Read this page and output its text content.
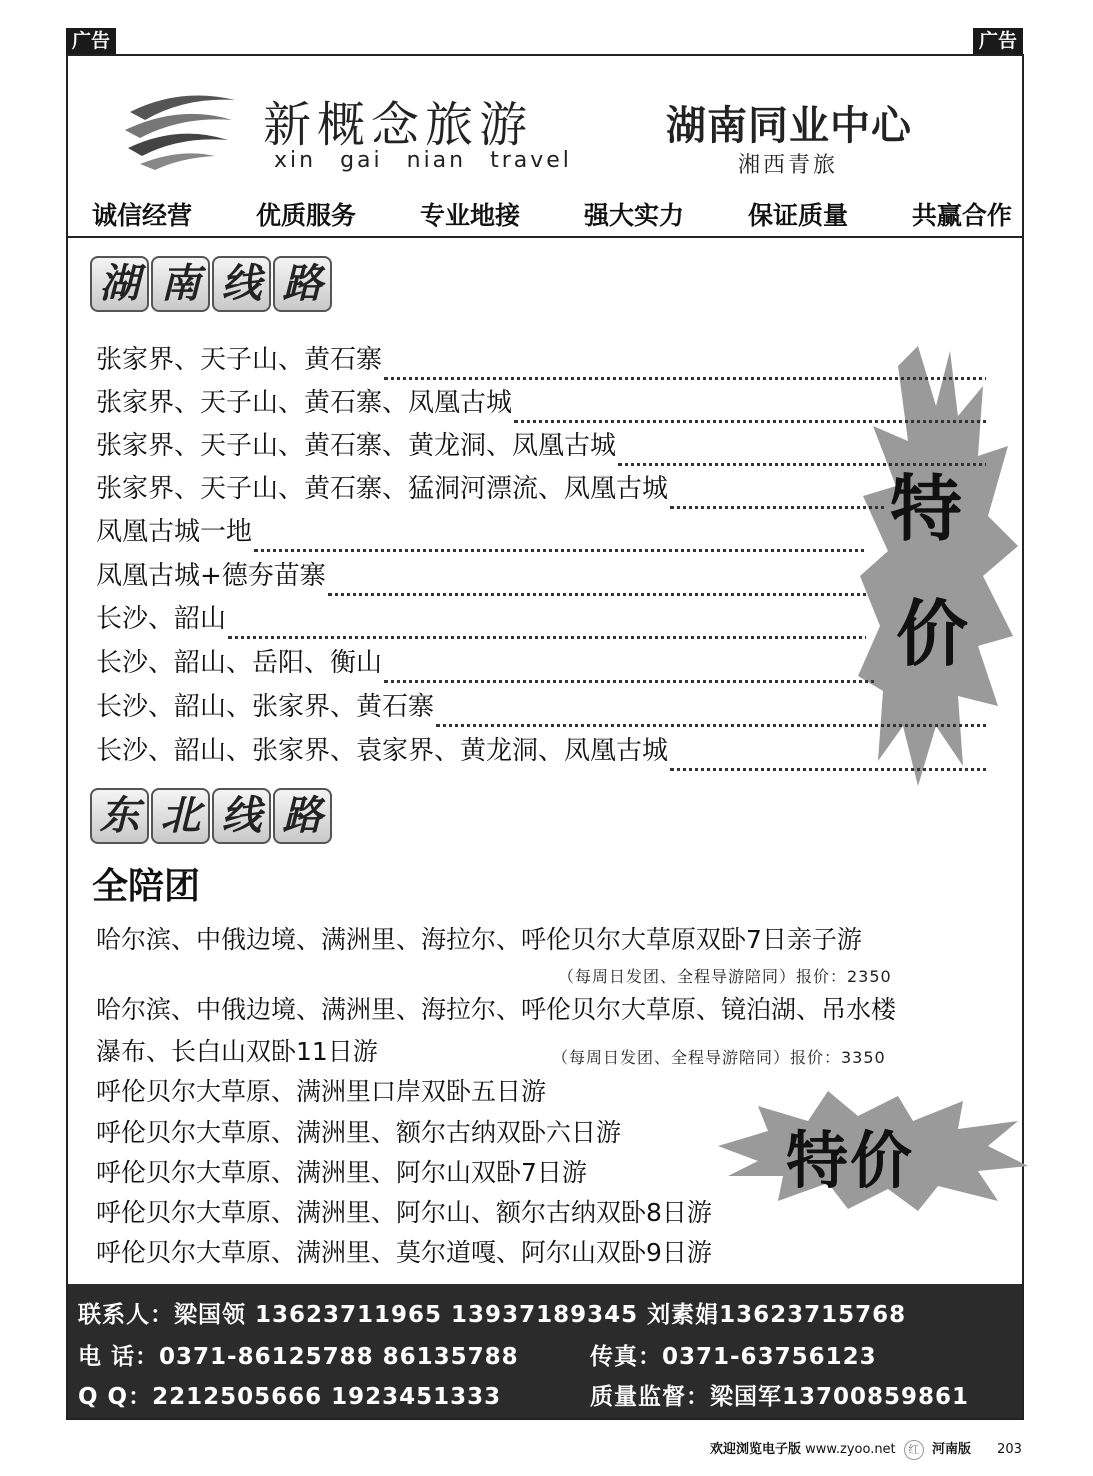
广告	广告
新概念旅游
xin gai nian travel
湖南同业中心
湘西青旅
诚信经营	优质服务	专业地接	强大实力	保证质量	共赢合作
湖 南 线 路
特
价
张家界、天子山、黄石寨
张家界、天子山、黄石寨、凤凰古城
张家界、天子山、黄石寨、黄龙洞、凤凰古城
张家界、天子山、黄石寨、猛洞河漂流、凤凰古城
凤凰古城一地
凤凰古城+德夯苗寨
长沙、韶山
长沙、韶山、岳阳、衡山
长沙、韶山、张家界、黄石寨
长沙、韶山、张家界、袁家界、黄龙洞、凤凰古城
东 北 线 路
全陪团
哈尔滨、中俄边境、满洲里、海拉尔、呼伦贝尔大草原双卧7日亲子游
（每周日发团、全程导游陪同）报价：2350
哈尔滨、中俄边境、满洲里、海拉尔、呼伦贝尔大草原、镜泊湖、吊水楼
瀑布、长白山双卧11日游	（每周日发团、全程导游陪同）报价：3350
特价
呼伦贝尔大草原、满洲里口岸双卧五日游
呼伦贝尔大草原、满洲里、额尔古纳双卧六日游
呼伦贝尔大草原、满洲里、阿尔山双卧7日游
呼伦贝尔大草原、满洲里、阿尔山、额尔古纳双卧8日游
呼伦贝尔大草原、满洲里、莫尔道嘎、阿尔山双卧9日游
联系人：梁国领 13623711965 13937189345 刘素娟13623715768
电 话：0371-86125788 86135788	传真：0371-63756123
Q Q：2212505666 1923451333	质量监督：梁国军13700859861
欢迎浏览电子版 www.zyoo.net 红 河南版 203
